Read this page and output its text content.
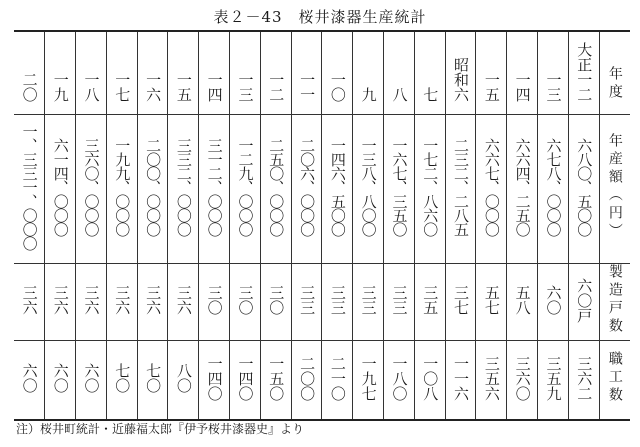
表２－43　桜井漆器生産統計
二〇	一九	一八	一七	一六	一五	一四	一三	一二	一一	一〇	九	八	七	昭和六	一五	一四	一三	大正一二	年度
一、三三一、〇〇〇	六一四、〇〇〇	三六〇、〇〇〇	一九九、〇〇〇	二〇〇、〇〇〇	三三二、〇〇〇	三一二、〇〇〇	一二九、〇〇〇	二五〇、〇〇〇	二〇六、〇〇〇	一四六、五〇〇	一三八、八〇〇	一六七、三五〇	一七二、八六〇	二三二、二八五	六六七、〇〇〇	六六四、二五〇	六七八、〇〇〇	六八〇、五〇〇	年産額（円）
三六	三六	三六	三六	三六	三六	三〇	三〇	三〇	三三	三三	三三	三三	三五	三七	五七	五八	六〇	六〇戸	製造戸数
六〇	六〇	六〇	七〇	七〇	八〇	一四〇	一四〇	一五〇	二〇〇	二一〇	一九七	一八〇	一〇八	一一六	三五六	三六〇	三五九	三六二	職工数
注）桜井町統計・近藤福太郎『伊予桜井漆器史』より
